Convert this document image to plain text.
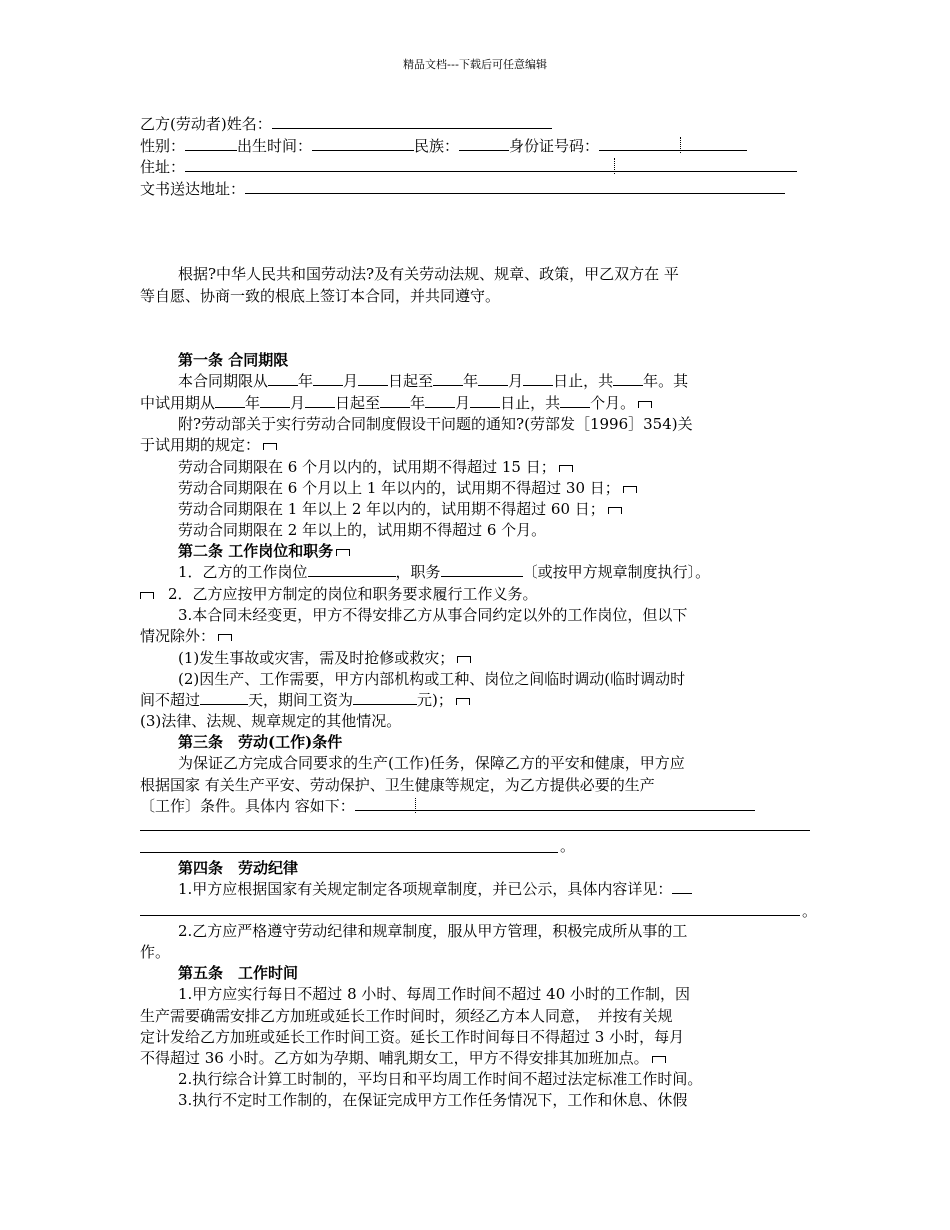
精品文档---下载后可任意编辑
乙方(劳动者)姓名：
性别：	出生时间：	民族：	身份证号码：
住址：
文书送达地址：
根据?中华人民共和国劳动法?及有关劳动法规、规章、政策，甲乙双方在 平
等自愿、协商一致的根底上签订本合同，并共同遵守。
第一条 合同期限
本合同期限从 年 月 日起至 年 月 日止，共 年。其
中试用期从 年 月 日起至 年 月 日止，共 个月。
附?劳动部关于实行劳动合同制度假设干问题的通知?(劳部发［1996］354)关
于试用期的规定：
劳动合同期限在 6 个月以内的，试用期不得超过 15 日；
劳动合同期限在 6 个月以上 1 年以内的，试用期不得超过 30 日；
劳动合同期限在 1 年以上 2 年以内的，试用期不得超过 60 日；
劳动合同期限在 2 年以上的，试用期不得超过 6 个月。
第二条 工作岗位和职务
1．乙方的工作岗位	，职务	〔或按甲方规章制度执行〕。
2．乙方应按甲方制定的岗位和职务要求履行工作义务。
3.本合同未经变更，甲方不得安排乙方从事合同约定以外的工作岗位，但以下
情况除外：
(1)发生事故或灾害，需及时抢修或救灾；
(2)因生产、工作需要，甲方内部机构或工种、岗位之间临时调动(临时调动时
间不超过	天，期间工资为	元)；
(3)法律、法规、规章规定的其他情况。
第三条　劳动(工作)条件
为保证乙方完成合同要求的生产(工作)任务，保障乙方的平安和健康，甲方应
根据国家 有关生产平安、劳动保护、卫生健康等规定，为乙方提供必要的生产
〔工作〕条件。具体内 容如下：
。
第四条　劳动纪律
1.甲方应根据国家有关规定制定各项规章制度，并已公示，具体内容详见：
。
2.乙方应严格遵守劳动纪律和规章制度，服从甲方管理，积极完成所从事的工
作。
第五条　工作时间
1.甲方应实行每日不超过 8 小时、每周工作时间不超过 40 小时的工作制，因
生产需要确需安排乙方加班或延长工作时间时，须经乙方本人同意，　并按有关规
定计发给乙方加班或延长工作时间工资。延长工作时间每日不得超过 3 小时，每月
不得超过 36 小时。乙方如为孕期、哺乳期女工，甲方不得安排其加班加点。
2.执行综合计算工时制的，平均日和平均周工作时间不超过法定标准工作时间。
3.执行不定时工作制的，在保证完成甲方工作任务情况下，工作和休息、休假
